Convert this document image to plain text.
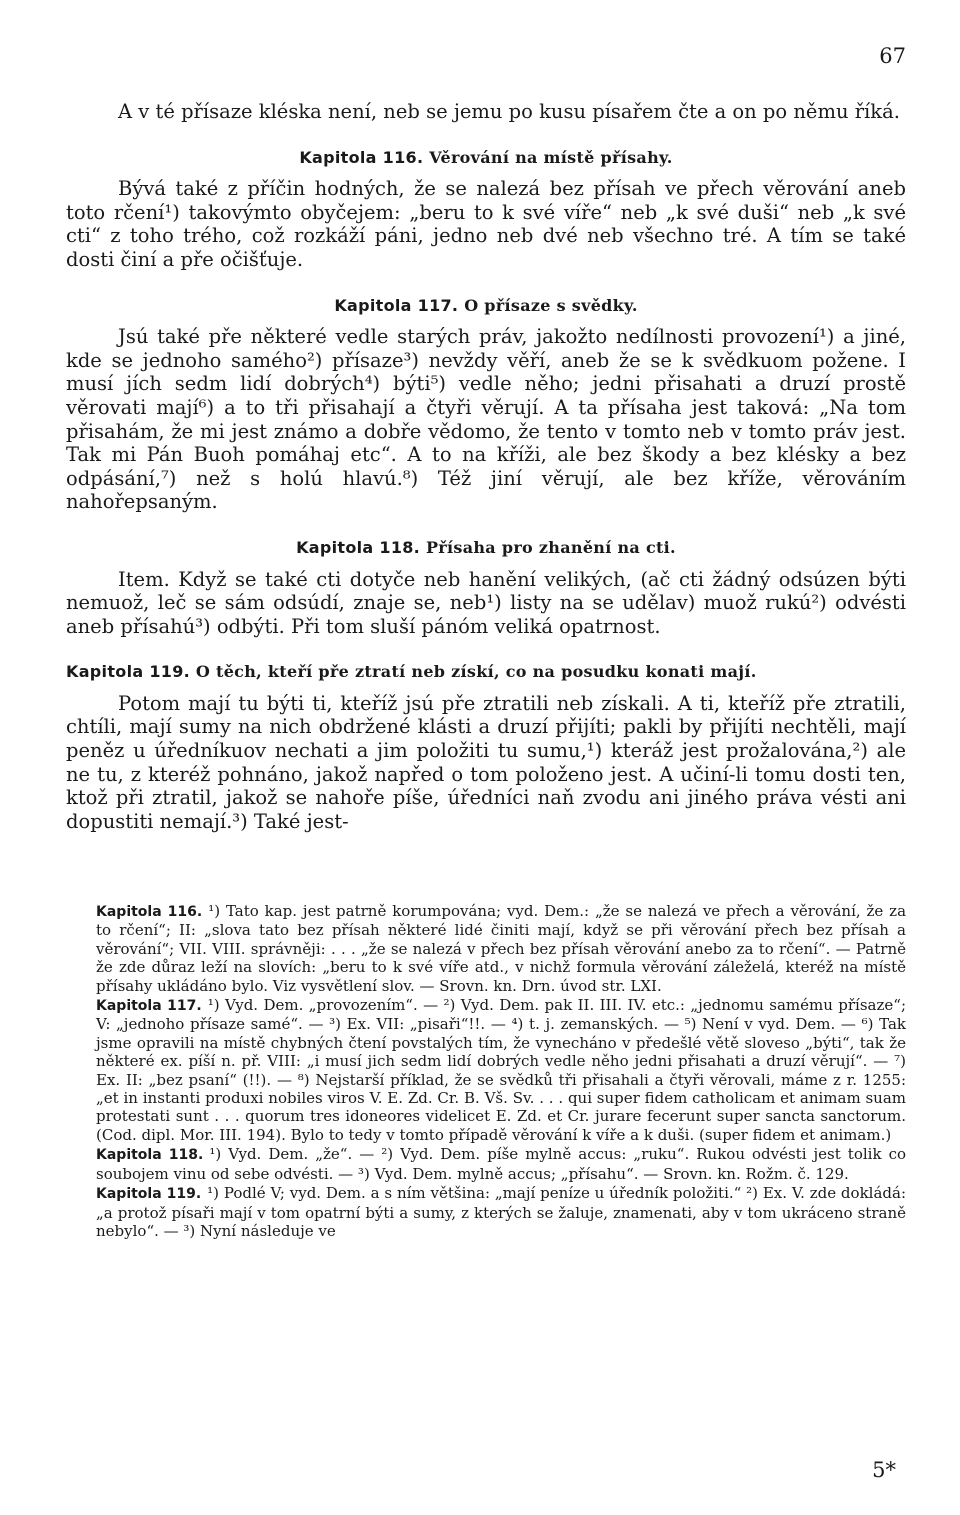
67

A v té přísaze kléska není, neb se jemu po kusu písařem čte a on po němu říká.

Kapitola 116. Věrování na místě přísahy.

Bývá také z příčin hodných, že se nalezá bez přísah ve přech věrování aneb toto rčení¹) takovýmto obyčejem: „beru to k své víře“ neb „k své duši“ neb „k své cti“ z toho trého, což rozkáží páni, jedno neb dvé neb všechno tré. A tím se také dosti činí a pře očišťuje.

Kapitola 117. O přísaze s svědky.

Jsú také pře některé vedle starých práv, jakožto nedílnosti provození¹) a jiné, kde se jednoho samého²) přísaze³) nevždy věří, aneb že se k svědkuom požene. I musí jích sedm lidí dobrých⁴) býti⁵) vedle něho; jedni přisahati a druzí prostě věrovati mají⁶) a to tři přisahají a čtyři věrují. A ta přísaha jest taková: „Na tom přisahám, že mi jest známo a dobře vědomo, že tento v tomto neb v tomto práv jest. Tak mi Pán Buoh pomáhaj etc“. A to na kříži, ale bez škody a bez klésky a bez odpásání,⁷) než s holú hlavú.⁸) Též jiní věrují, ale bez kříže, věrováním nahořepsaným.

Kapitola 118. Přísaha pro zhanění na cti.

Item. Když se také cti dotyče neb hanění velikých, (ač cti žádný odsúzen býti nemuož, leč se sám odsúdí, znaje se, neb¹) listy na se udělav) muož rukú²) odvésti aneb přísahú³) odbýti. Při tom sluší pánóm veliká opatrnost.

Kapitola 119. O těch, kteří pře ztratí neb získí, co na posudku konati mají.

Potom mají tu býti ti, kteříž jsú pře ztratili neb získali. A ti, kteříž pře ztratili, chtíli, mají sumy na nich obdržené klásti a druzí přijíti; pakli by přijíti nechtěli, mají peněz u úředníkuov nechati a jim položiti tu sumu,¹) kteráž jest prožalována,²) ale ne tu, z kteréž pohnáno, jakož napřed o tom položeno jest. A učiní-li tomu dosti ten, ktož při ztratil, jakož se nahoře píše, úředníci naň zvodu ani jiného práva vésti ani dopustiti nemají.³) Také jest-

Kapitola 116. ¹) Tato kap. jest patrně korumpována; vyd. Dem.: „že se nalezá ve přech a věrování, že za to rčení“; II: „slova tato bez přísah některé lidé činiti mají, když se při věrování přech bez přísah a věrování“; VII. VIII. správněji: . . . „že se nalezá v přech bez přísah věrování anebo za to rčení“. — Patrně že zde důraz leží na slovích: „beru to k své víře atd., v nichž formula věrování záleželá, kteréž na místě přísahy ukládáno bylo. Viz vysvětlení slov. — Srovn. kn. Drn. úvod str. LXI.

Kapitola 117. ¹) Vyd. Dem. „provozením“. — ²) Vyd. Dem. pak II. III. IV. etc.: „jednomu samému přísaze“; V: „jednoho přísaze samé“. — ³) Ex. VII: „pisaři“!!. — ⁴) t. j. zemanských. — ⁵) Není v vyd. Dem. — ⁶) Tak jsme opravili na místě chybných čtení povstalých tím, že vynecháno v předešlé větě sloveso „býti“, tak že některé ex. píší n. př. VIII: „i musí jich sedm lidí dobrých vedle něho jedni přisahati a druzí věrují“. — ⁷) Ex. II: „bez psaní“ (!!). — ⁸) Nejstarší příklad, že se svědků tři přisahali a čtyři věrovali, máme z r. 1255: „et in instanti produxi nobiles viros V. E. Zd. Cr. B. Vš. Sv. . . . qui super fidem catholicam et animam suam protestati sunt . . . quorum tres idoneores videlicet E. Zd. et Cr. jurare fecerunt super sancta sanctorum. (Cod. dipl. Mor. III. 194). Bylo to tedy v tomto případě věrování k víře a k duši. (super fidem et animam.)

Kapitola 118. ¹) Vyd. Dem. „že“. — ²) Vyd. Dem. píše mylně accus: „ruku“. Rukou odvésti jest tolik co soubojem vinu od sebe odvésti. — ³) Vyd. Dem. mylně accus; „přísahu“. — Srovn. kn. Rožm. č. 129.

Kapitola 119. ¹) Podlé V; vyd. Dem. a s ním většina: „mají peníze u úředník položiti.“ ²) Ex. V. zde dokládá: „a protož písaři mají v tom opatrní býti a sumy, z kterých se žaluje, znamenati, aby v tom ukráceno straně nebylo“. — ³) Nyní následuje ve

5*
